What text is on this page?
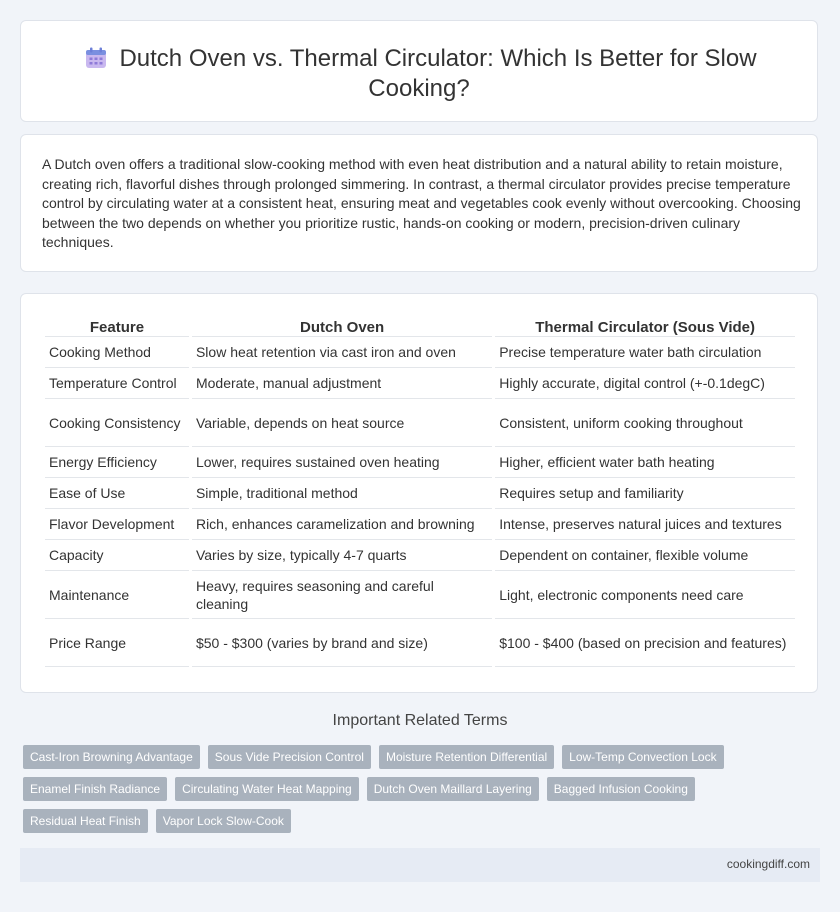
Dutch Oven vs. Thermal Circulator: Which Is Better for Slow
Cooking?
A Dutch oven offers a traditional slow-cooking method with even heat distribution and a natural ability to retain moisture, creating rich, flavorful dishes through prolonged simmering. In contrast, a thermal circulator provides precise temperature control by circulating water at a consistent heat, ensuring meat and vegetables cook evenly without overcooking. Choosing between the two depends on whether you prioritize rustic, hands-on cooking or modern, precision-driven culinary techniques.
Feature	Dutch Oven	Thermal Circulator (Sous Vide)
Cooking Method	Slow heat retention via cast iron and oven	Precise temperature water bath circulation
Temperature Control	Moderate, manual adjustment	Highly accurate, digital control (+-0.1degC)
Cooking Consistency	Variable, depends on heat source	Consistent, uniform cooking throughout
Energy Efficiency	Lower, requires sustained oven heating	Higher, efficient water bath heating
Ease of Use	Simple, traditional method	Requires setup and familiarity
Flavor Development	Rich, enhances caramelization and browning	Intense, preserves natural juices and textures
Capacity	Varies by size, typically 4-7 quarts	Dependent on container, flexible volume
Maintenance	Heavy, requires seasoning and careful cleaning	Light, electronic components need care
Price Range	$50 - $300 (varies by brand and size)	$100 - $400 (based on precision and features)
Important Related Terms
Cast-Iron Browning Advantage	Sous Vide Precision Control	Moisture Retention Differential	Low-Temp Convection Lock
Enamel Finish Radiance	Circulating Water Heat Mapping	Dutch Oven Maillard Layering	Bagged Infusion Cooking
Residual Heat Finish	Vapor Lock Slow-Cook
cookingdiff.com
